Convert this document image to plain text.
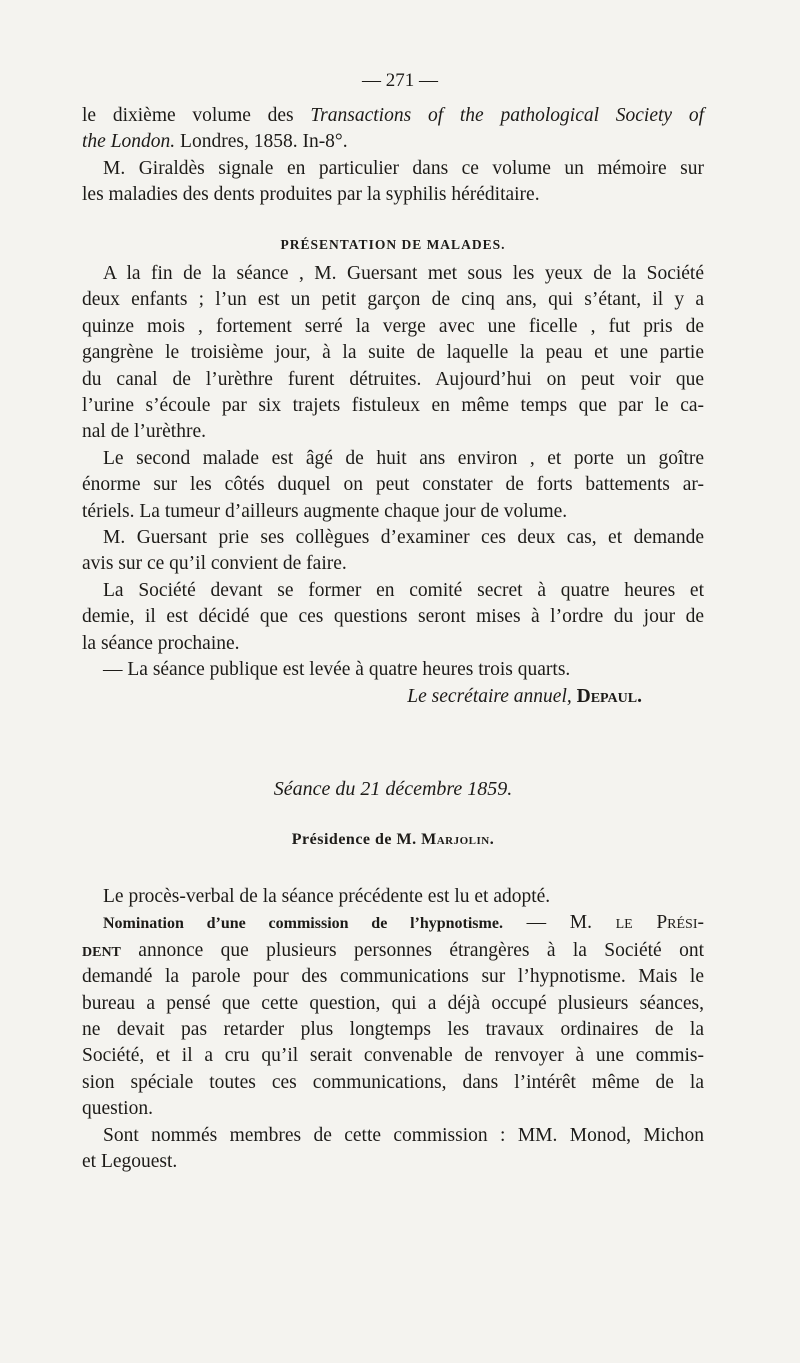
— 271 —

le dixième volume des Transactions of the pathological Society of

the London. Londres, 1858. In-8°.

M. Giraldès signale en particulier dans ce volume un mémoire sur

les maladies des dents produites par la syphilis héréditaire.

PRÉSENTATION DE MALADES.

A la fin de la séance , M. Guersant met sous les yeux de la Société

deux enfants ; l’un est un petit garçon de cinq ans, qui s’étant, il y a

quinze mois , fortement serré la verge avec une ficelle , fut pris de

gangrène le troisième jour, à la suite de laquelle la peau et une partie

du canal de l’urèthre furent détruites. Aujourd’hui on peut voir que

l’urine s’écoule par six trajets fistuleux en même temps que par le ca-

nal de l’urèthre.

Le second malade est âgé de huit ans environ , et porte un goître

énorme sur les côtés duquel on peut constater de forts battements ar-

tériels. La tumeur d’ailleurs augmente chaque jour de volume.

M. Guersant prie ses collègues d’examiner ces deux cas, et demande

avis sur ce qu’il convient de faire.

La Société devant se former en comité secret à quatre heures et

demie, il est décidé que ces questions seront mises à l’ordre du jour de

la séance prochaine.

— La séance publique est levée à quatre heures trois quarts.

Le secrétaire annuel, Depaul.

Séance du 21 décembre 1859.
Présidence de M. Marjolin.

Le procès-verbal de la séance précédente est lu et adopté.

Nomination d’une commission de l’hypnotisme. — M. le Prési-

dent annonce que plusieurs personnes étrangères à la Société ont

demandé la parole pour des communications sur l’hypnotisme. Mais le

bureau a pensé que cette question, qui a déjà occupé plusieurs séances,

ne devait pas retarder plus longtemps les travaux ordinaires de la

Société, et il a cru qu’il serait convenable de renvoyer à une commis-

sion spéciale toutes ces communications, dans l’intérêt même de la

question.

Sont nommés membres de cette commission : MM. Monod, Michon

et Legouest.
